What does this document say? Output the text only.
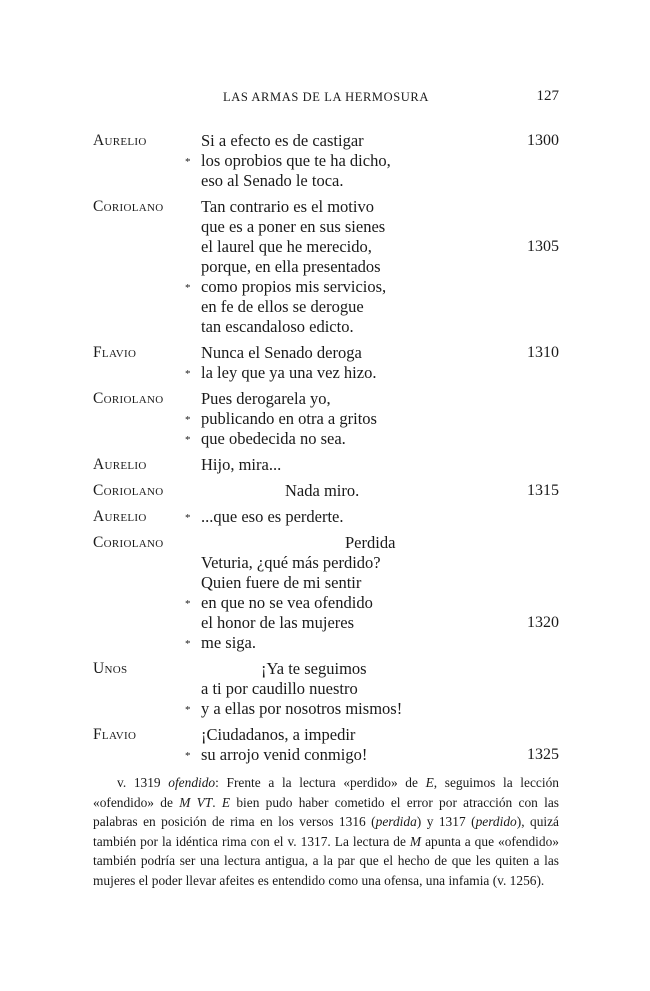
LAS ARMAS DE LA HERMOSURA	127
Aurelio	Si a efecto es de castigar	1300
* los oprobios que te ha dicho,
eso al Senado le toca.
Coriolano Tan contrario es el motivo
que es a poner en sus sienes
el laurel que he merecido,	1305
porque, en ella presentados
* como propios mis servicios,
en fe de ellos se derogue
tan escandaloso edicto.
Flavio	Nunca el Senado deroga	1310
* la ley que ya una vez hizo.
Coriolano Pues derogarela yo,
* publicando en otra a gritos
* que obedecida no sea.
Aurelio	Hijo, mira...
Coriolano	Nada miro.	1315
Aurelio	* ...que eso es perderte.
Coriolano	Perdida
Veturia, ¿qué más perdido?
Quien fuere de mi sentir
* en que no se vea ofendido
el honor de las mujeres	1320
* me siga.
Unos	¡Ya te seguimos
a ti por caudillo nuestro
* y a ellas por nosotros mismos!
Flavio	¡Ciudadanos, a impedir
* su arrojo venid conmigo!	1325

v. 1319 ofendido: Frente a la lectura «perdido» de E, seguimos la lección «ofendido» de M VT. E bien pudo haber cometido el error por atracción con las palabras en posición de rima en los versos 1316 (perdida) y 1317 (perdido), quizá también por la idéntica rima con el v. 1317. La lectura de M apunta a que «ofendido» también podría ser una lectura antigua, a la par que el hecho de que les quiten a las mujeres el poder llevar afeites es entendido como una ofensa, una infamia (v. 1256).
